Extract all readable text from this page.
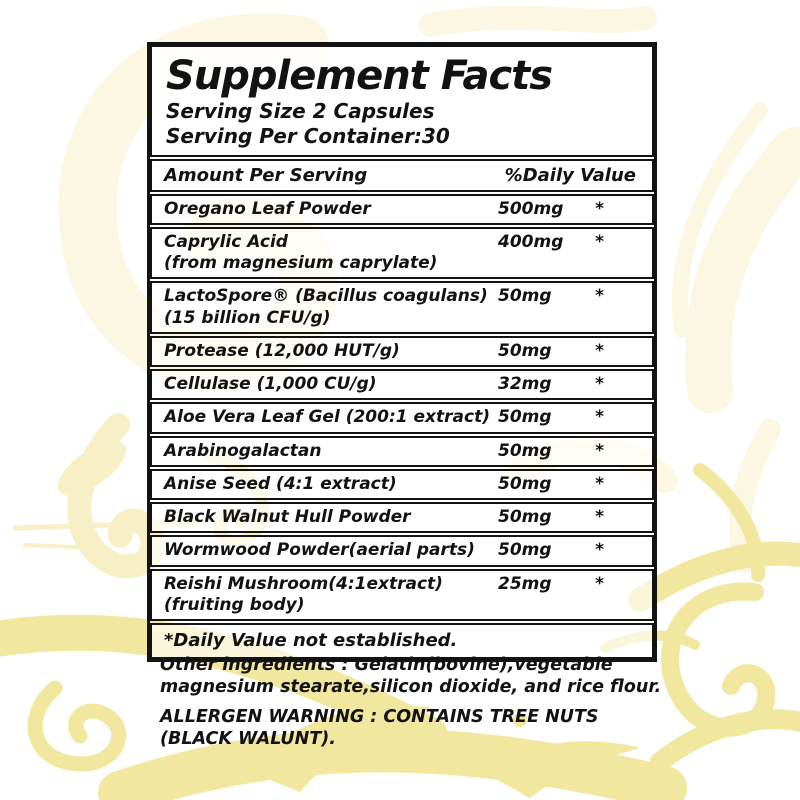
Supplement Facts
Serving Size 2 Capsules
Serving Per Container:30
Amount Per Serving	%Daily Value
Oregano Leaf Powder	500mg *
Caprylic Acid
(from magnesium caprylate)
400mg *
LactoSpore® (Bacillus coagulans)
(15 billion CFU/g)
50mg	*
Protease (12,000 HUT/g)	50mg	*
Cellulase (1,000 CU/g)	32mg	*
Aloe Vera Leaf Gel (200:1 extract) 50mg	*
Arabinogalactan	50mg	*
Anise Seed (4:1 extract)	50mg	*
Black Walnut Hull Powder	50mg	*
Wormwood Powder(aerial parts)	50mg	*
Reishi Mushroom(4:1extract)
(fruiting body)
25mg	*
*Daily Value not established.
Other ingredients : Gelatin(bovine),vegetable
magnesium stearate,silicon dioxide, and rice flour.
ALLERGEN WARNING : CONTAINS TREE NUTS
(BLACK WALUNT).
